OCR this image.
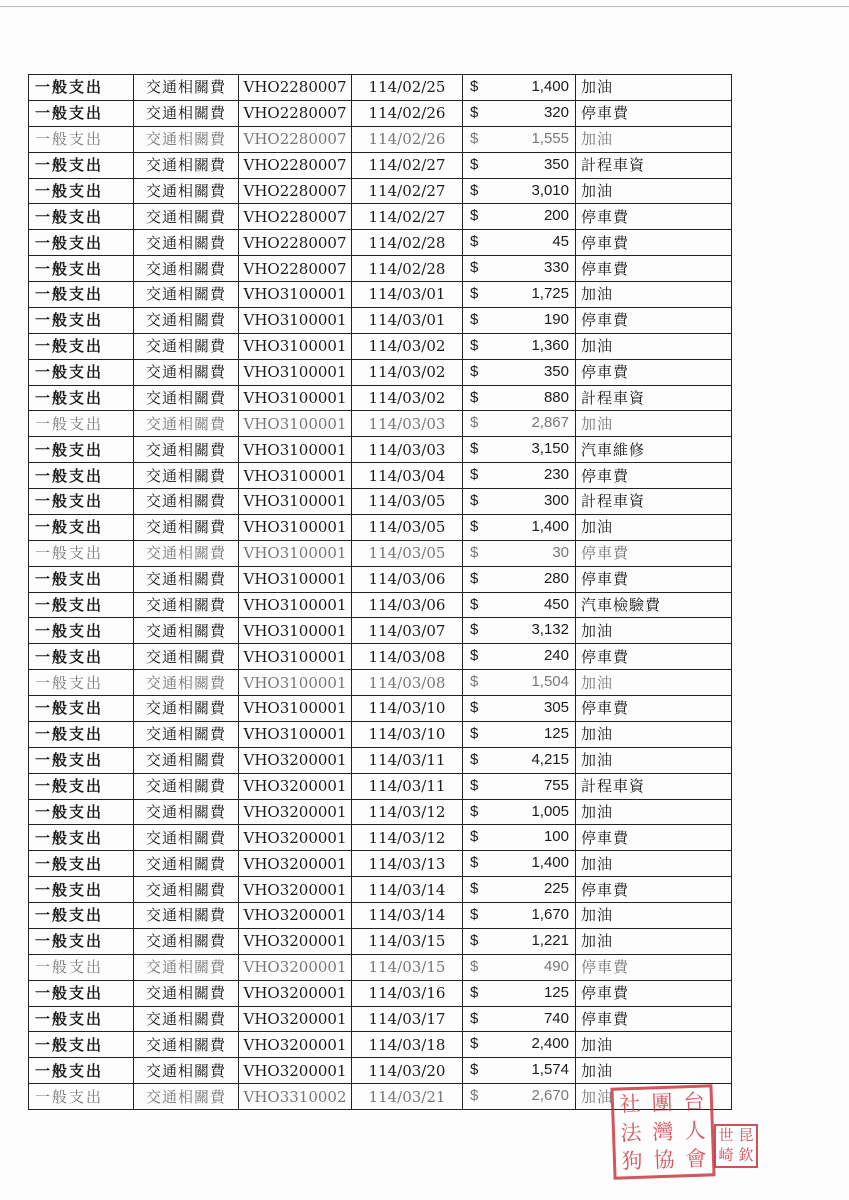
一般支出	交通相關費	VHO2280007	114/02/25	$ 1,400	加油
一般支出	交通相關費	VHO2280007	114/02/26	$ 320	停車費
一般支出	交通相關費	VHO2280007	114/02/26	$ 1,555	加油
一般支出	交通相關費	VHO2280007	114/02/27	$ 350	計程車資
一般支出	交通相關費	VHO2280007	114/02/27	$ 3,010	加油
一般支出	交通相關費	VHO2280007	114/02/27	$ 200	停車費
一般支出	交通相關費	VHO2280007	114/02/28	$ 45	停車費
一般支出	交通相關費	VHO2280007	114/02/28	$ 330	停車費
一般支出	交通相關費	VHO3100001	114/03/01	$ 1,725	加油
一般支出	交通相關費	VHO3100001	114/03/01	$ 190	停車費
一般支出	交通相關費	VHO3100001	114/03/02	$ 1,360	加油
一般支出	交通相關費	VHO3100001	114/03/02	$ 350	停車費
一般支出	交通相關費	VHO3100001	114/03/02	$ 880	計程車資
一般支出	交通相關費	VHO3100001	114/03/03	$ 2,867	加油
一般支出	交通相關費	VHO3100001	114/03/03	$ 3,150	汽車維修
一般支出	交通相關費	VHO3100001	114/03/04	$ 230	停車費
一般支出	交通相關費	VHO3100001	114/03/05	$ 300	計程車資
一般支出	交通相關費	VHO3100001	114/03/05	$ 1,400	加油
一般支出	交通相關費	VHO3100001	114/03/05	$ 30	停車費
一般支出	交通相關費	VHO3100001	114/03/06	$ 280	停車費
一般支出	交通相關費	VHO3100001	114/03/06	$ 450	汽車檢驗費
一般支出	交通相關費	VHO3100001	114/03/07	$ 3,132	加油
一般支出	交通相關費	VHO3100001	114/03/08	$ 240	停車費
一般支出	交通相關費	VHO3100001	114/03/08	$ 1,504	加油
一般支出	交通相關費	VHO3100001	114/03/10	$ 305	停車費
一般支出	交通相關費	VHO3100001	114/03/10	$ 125	加油
一般支出	交通相關費	VHO3200001	114/03/11	$ 4,215	加油
一般支出	交通相關費	VHO3200001	114/03/11	$ 755	計程車資
一般支出	交通相關費	VHO3200001	114/03/12	$ 1,005	加油
一般支出	交通相關費	VHO3200001	114/03/12	$ 100	停車費
一般支出	交通相關費	VHO3200001	114/03/13	$ 1,400	加油
一般支出	交通相關費	VHO3200001	114/03/14	$ 225	停車費
一般支出	交通相關費	VHO3200001	114/03/14	$ 1,670	加油
一般支出	交通相關費	VHO3200001	114/03/15	$ 1,221	加油
一般支出	交通相關費	VHO3200001	114/03/15	$ 490	停車費
一般支出	交通相關費	VHO3200001	114/03/16	$ 125	停車費
一般支出	交通相關費	VHO3200001	114/03/17	$ 740	停車費
一般支出	交通相關費	VHO3200001	114/03/18	$ 2,400	加油
一般支出	交通相關費	VHO3200001	114/03/20	$ 1,574	加油
一般支出	交通相關費	VHO3310002	114/03/21	$ 2,670	加油 社 團 台
法 灣 人
狗 協 會
世 昆
崎 欽
